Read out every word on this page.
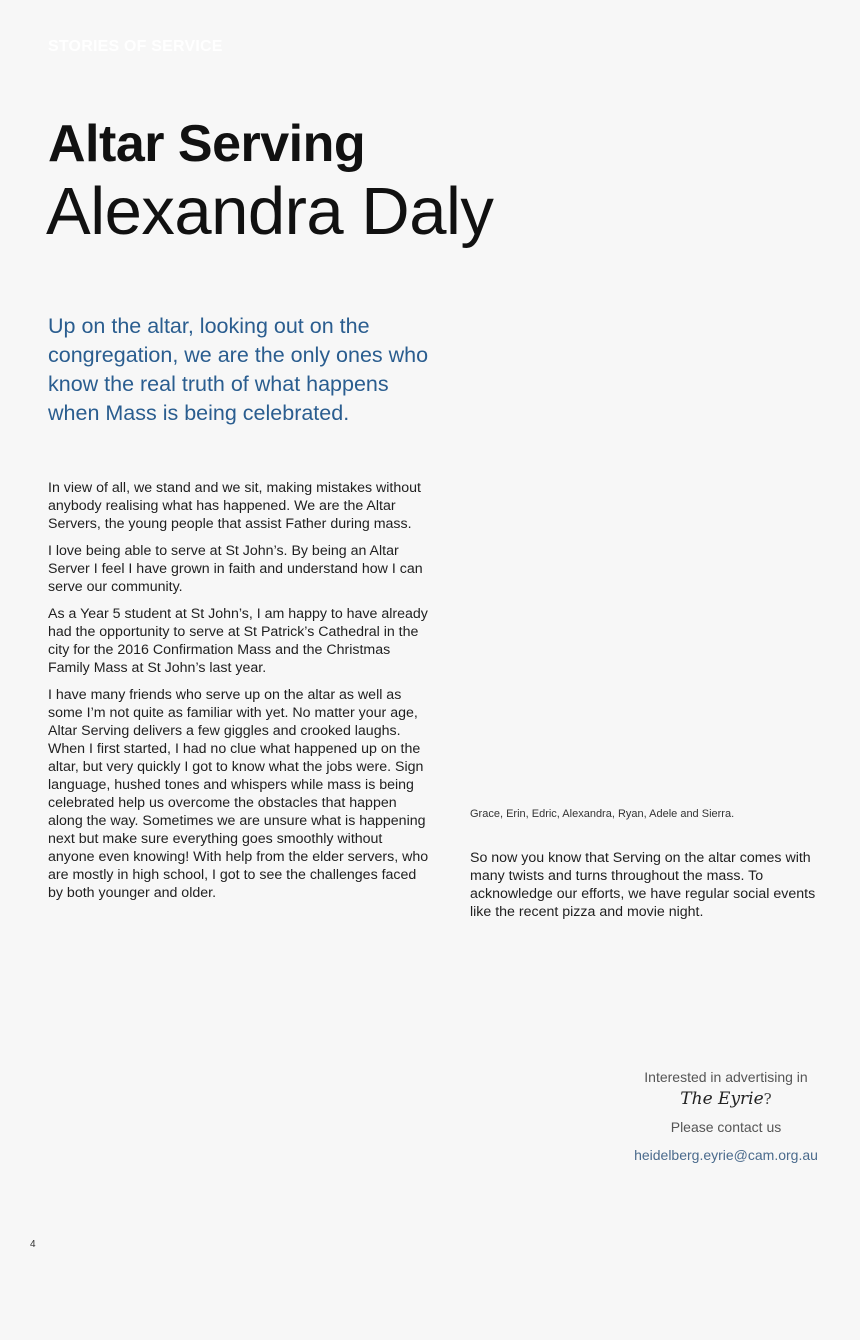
STORIES OF SERVICE
Altar Serving
Alexandra Daly

Up on the altar, looking out on the congregation, we are the only ones who know the real truth of what happens when Mass is being celebrated.

In view of all, we stand and we sit, making mistakes without anybody realising what has happened. We are the Altar Servers, the young people that assist Father during mass.

I love being able to serve at St John’s. By being an Altar Server I feel I have grown in faith and understand how I can serve our community.

As a Year 5 student at St John’s, I am happy to have already had the opportunity to serve at St Patrick’s Cathedral in the city for the 2016 Confirmation Mass and the Christmas Family Mass at St John’s last year.

I have many friends who serve up on the altar as well as some I’m not quite as familiar with yet. No matter your age, Altar Serving delivers a few giggles and crooked laughs. When I first started, I had no clue what happened up on the altar, but very quickly I got to know what the jobs were. Sign language, hushed tones and whispers while mass is being celebrated help us overcome the obstacles that happen along the way. Sometimes we are unsure what is happening next but make sure everything goes smoothly without anyone even knowing! With help from the elder servers, who are mostly in high school, I got to see the challenges faced by both younger and older.

Grace, Erin, Edric, Alexandra, Ryan, Adele and Sierra.

So now you know that Serving on the altar comes with many twists and turns throughout the mass. To acknowledge our efforts, we have regular social events like the recent pizza and movie night.

Interested in advertising in
The Eyrie?
Please contact us
heidelberg.eyrie@cam.org.au
4
